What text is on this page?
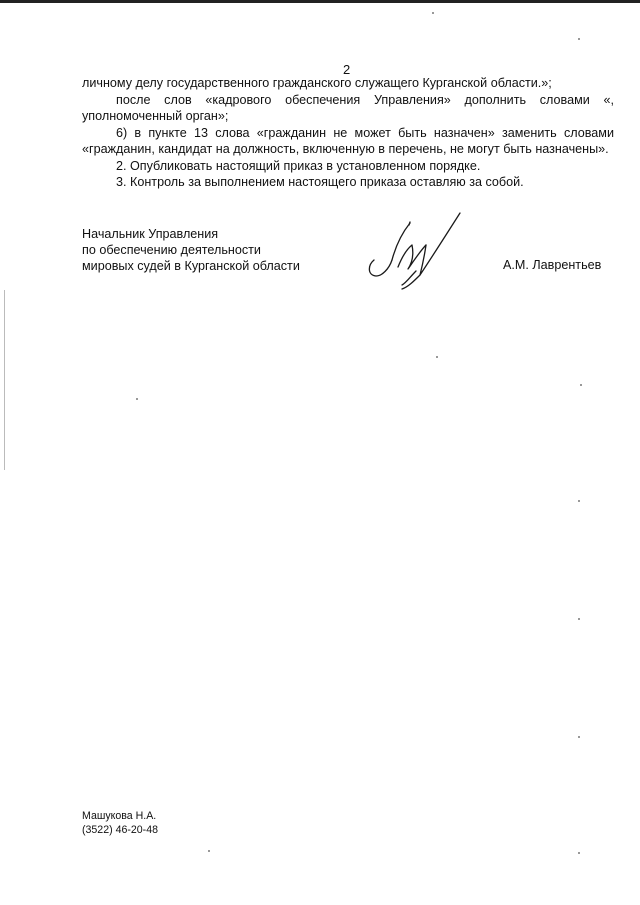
2

личному делу государственного гражданского служащего Курганской области.»;

после слов «кадрового обеспечения Управления» дополнить словами «, уполномоченный орган»;

6) в пункте 13 слова «гражданин не может быть назначен» заменить словами «гражданин, кандидат на должность, включенную в перечень, не могут быть назначены».

2. Опубликовать настоящий приказ в установленном порядке.

3. Контроль за выполнением настоящего приказа оставляю за собой.

Начальник Управления
по обеспечению деятельности
мировых судей в Курганской области	А.М. Лаврентьев
Машукова Н.А.
(3522) 46-20-48
